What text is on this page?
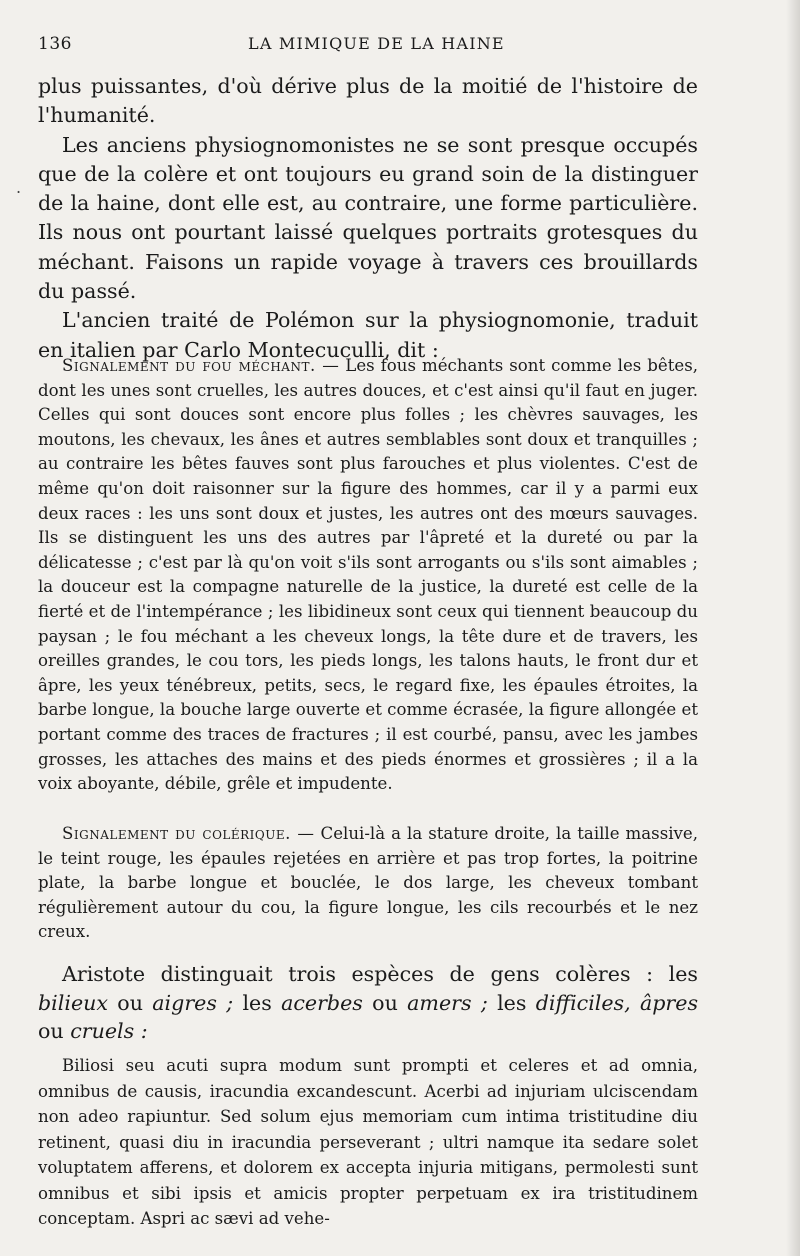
136	LA MIMIQUE DE LA HAINE
.

plus puissantes, d'où dérive plus de la moitié de l'histoire de l'humanité.

Les anciens physiognomonistes ne se sont presque occupés que de la colère et ont toujours eu grand soin de la distinguer de la haine, dont elle est, au contraire, une forme particulière. Ils nous ont pourtant laissé quelques portraits grotesques du méchant. Faisons un rapide voyage à travers ces brouillards du passé.

L'ancien traité de Polémon sur la physiognomonie, traduit en italien par Carlo Montecuculli, dit :

Signalement du fou méchant. — Les fous méchants sont comme les bêtes, dont les unes sont cruelles, les autres douces, et c'est ainsi qu'il faut en juger. Celles qui sont douces sont encore plus folles ; les chèvres sauvages, les moutons, les chevaux, les ânes et autres semblables sont doux et tranquilles ; au contraire les bêtes fauves sont plus farouches et plus violentes. C'est de même qu'on doit raisonner sur la figure des hommes, car il y a parmi eux deux races : les uns sont doux et justes, les autres ont des mœurs sauvages. Ils se distinguent les uns des autres par l'âpreté et la dureté ou par la délicatesse ; c'est par là qu'on voit s'ils sont arrogants ou s'ils sont aimables ; la douceur est la compagne naturelle de la justice, la dureté est celle de la fierté et de l'intempérance ; les libidineux sont ceux qui tiennent beaucoup du paysan ; le fou méchant a les cheveux longs, la tête dure et de travers, les oreilles grandes, le cou tors, les pieds longs, les talons hauts, le front dur et âpre, les yeux ténébreux, petits, secs, le regard fixe, les épaules étroites, la barbe longue, la bouche large ouverte et comme écrasée, la figure allongée et portant comme des traces de fractures ; il est courbé, pansu, avec les jambes grosses, les attaches des mains et des pieds énormes et grossières ; il a la voix aboyante, débile, grêle et impudente.

Signalement du colérique. — Celui-là a la stature droite, la taille massive, le teint rouge, les épaules rejetées en arrière et pas trop fortes, la poitrine plate, la barbe longue et bouclée, le dos large, les cheveux tombant régulièrement autour du cou, la figure longue, les cils recourbés et le nez creux.

Aristote distinguait trois espèces de gens colères : les bilieux ou aigres ; les acerbes ou amers ; les difficiles, âpres ou cruels :

Biliosi seu acuti supra modum sunt prompti et celeres et ad omnia, omnibus de causis, iracundia excandescunt. Acerbi ad injuriam ulciscendam non adeo rapiuntur. Sed solum ejus memoriam cum intima tristitudine diu retinent, quasi diu in iracundia perseverant ; ultri namque ita sedare solet voluptatem afferens, et dolorem ex accepta injuria mitigans, permolesti sunt omnibus et sibi ipsis et amicis propter perpetuam ex ira tristitudinem conceptam. Aspri ac sævi ad vehe-
